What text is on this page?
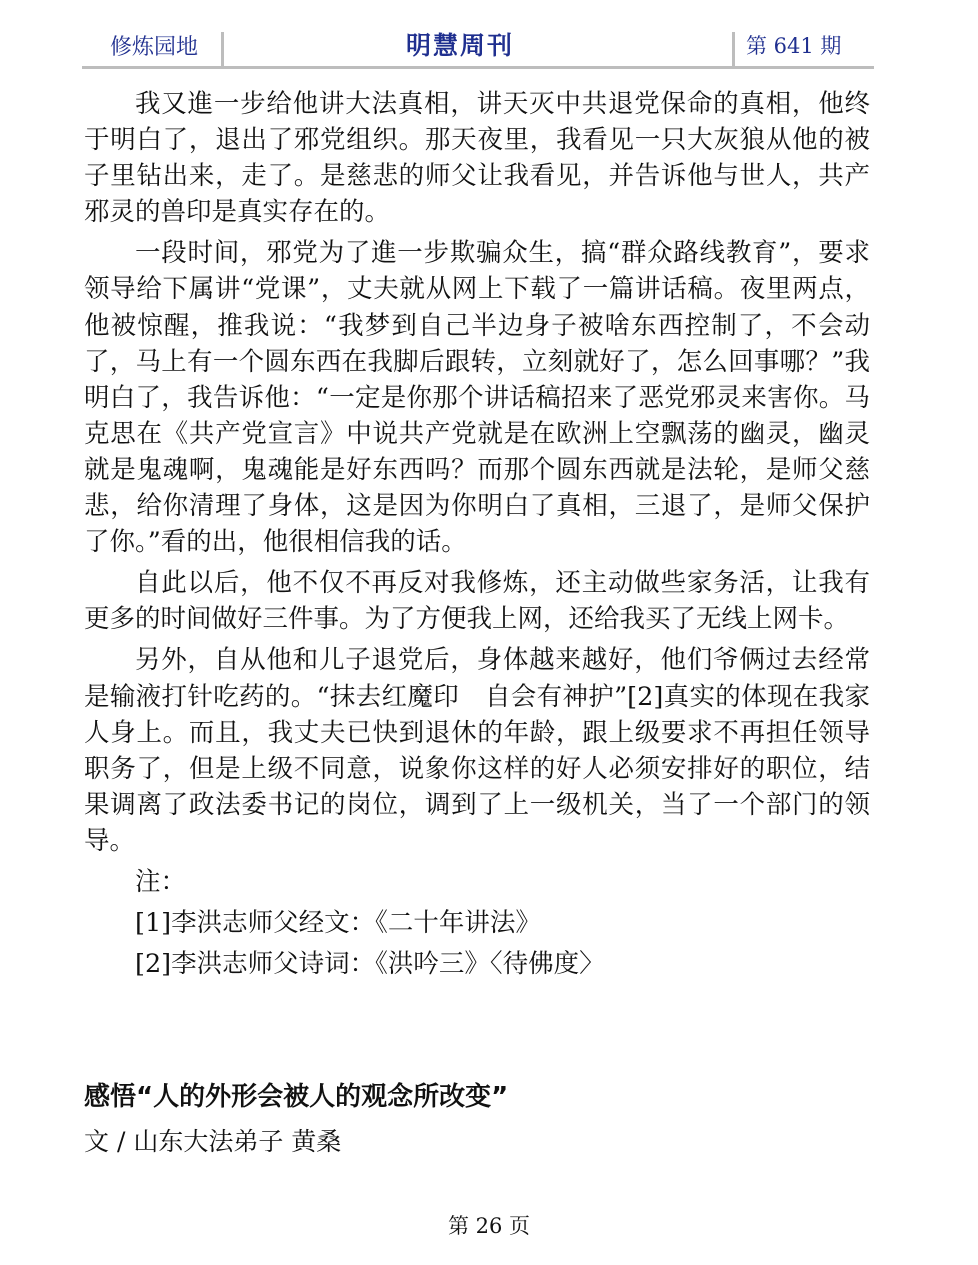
修炼园地	明慧周刊	第 641 期

我又進一步给他讲大法真相，讲天灭中共退党保命的真相，他终于明白了，退出了邪党组织。那天夜里，我看见一只大灰狼从他的被子里钻出来，走了。是慈悲的师父让我看见，并告诉他与世人，共产邪灵的兽印是真实存在的。

一段时间，邪党为了進一步欺骗众生，搞“群众路线教育”，要求领导给下属讲“党课”，丈夫就从网上下载了一篇讲话稿。夜里两点，他被惊醒，推我说：“我梦到自己半边身子被啥东西控制了，不会动了，马上有一个圆东西在我脚后跟转，立刻就好了，怎么回事哪？”我明白了，我告诉他：“一定是你那个讲话稿招来了恶党邪灵来害你。马克思在《共产党宣言》中说共产党就是在欧洲上空飘荡的幽灵，幽灵就是鬼魂啊，鬼魂能是好东西吗？而那个圆东西就是法轮，是师父慈悲，给你清理了身体，这是因为你明白了真相，三退了，是师父保护了你。”看的出，他很相信我的话。

自此以后，他不仅不再反对我修炼，还主动做些家务活，让我有更多的时间做好三件事。为了方便我上网，还给我买了无线上网卡。

另外，自从他和儿子退党后，身体越来越好，他们爷俩过去经常是输液打针吃药的。“抹去红魔印　自会有神护”[2]真实的体现在我家人身上。而且，我丈夫已快到退休的年龄，跟上级要求不再担任领导职务了，但是上级不同意，说象你这样的好人必须安排好的职位，结果调离了政法委书记的岗位，调到了上一级机关，当了一个部门的领导。

注：

[1]李洪志师父经文：《二十年讲法》

[2]李洪志师父诗词：《洪吟三》〈待佛度〉

感悟“人的外形会被人的观念所改变”
文 / 山东大法弟子 黄桑
第 26 页
